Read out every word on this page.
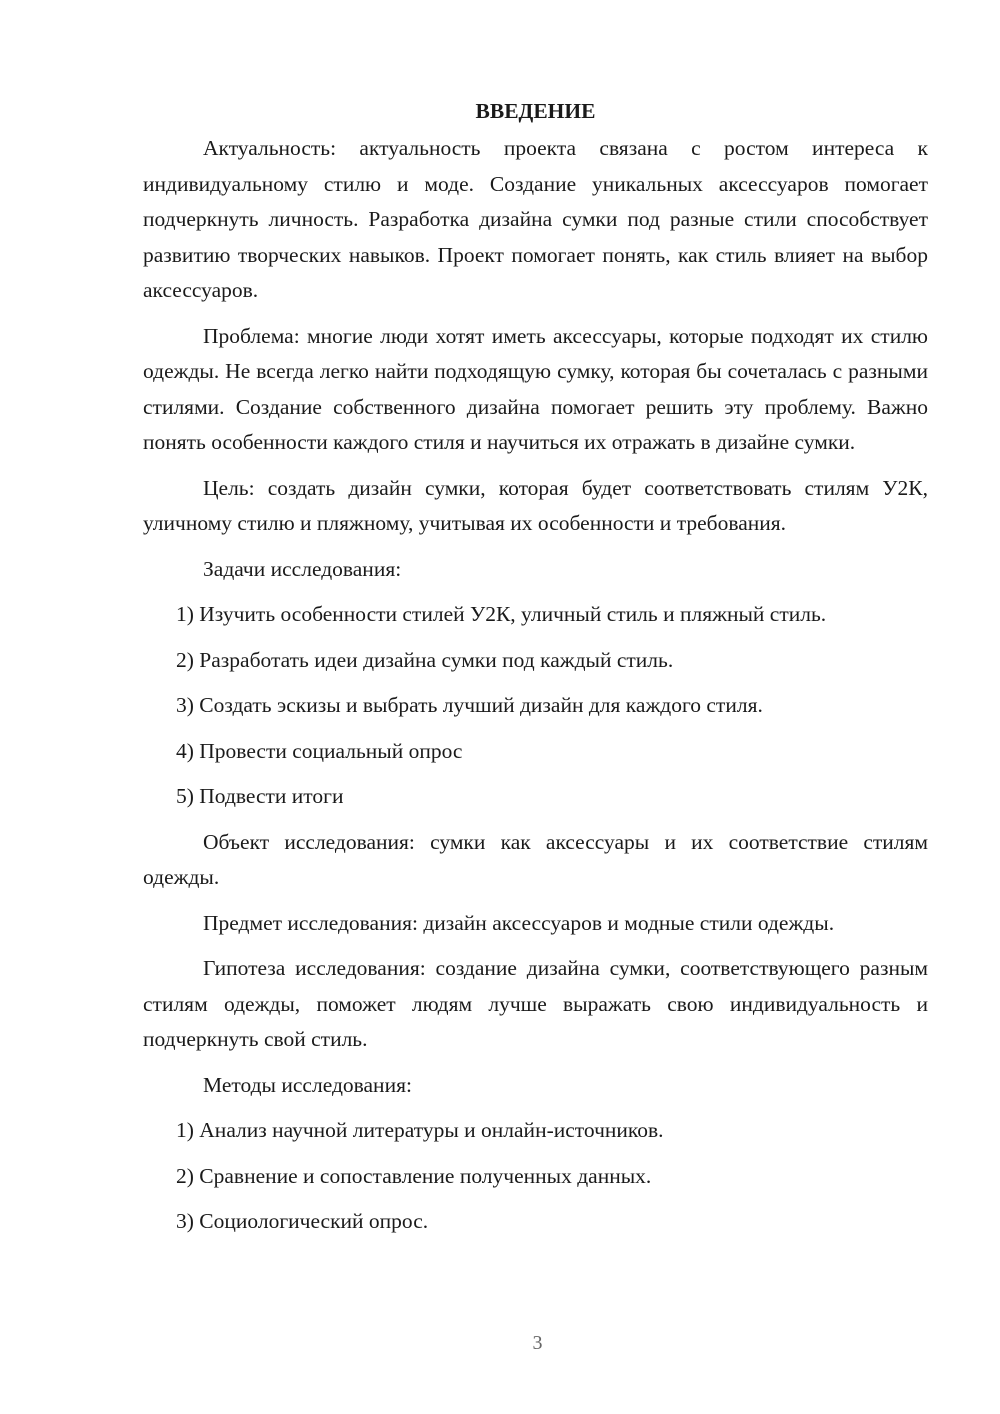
ВВЕДЕНИЕ

Актуальность: актуальность проекта связана с ростом интереса к индивидуальному стилю и моде. Создание уникальных аксессуаров помогает подчеркнуть личность. Разработка дизайна сумки под разные стили способствует развитию творческих навыков. Проект помогает понять, как стиль влияет на выбор аксессуаров.

Проблема: многие люди хотят иметь аксессуары, которые подходят их стилю одежды. Не всегда легко найти подходящую сумку, которая бы сочеталась с разными стилями. Создание собственного дизайна помогает решить эту проблему. Важно понять особенности каждого стиля и научиться их отражать в дизайне сумки.

Цель: создать дизайн сумки, которая будет соответствовать стилям У2К, уличному стилю и пляжному, учитывая их особенности и требования.

Задачи исследования:

1) Изучить особенности стилей У2К, уличный стиль и пляжный стиль.

2) Разработать идеи дизайна сумки под каждый стиль.

3) Создать эскизы и выбрать лучший дизайн для каждого стиля.

4) Провести социальный опрос

5) Подвести итоги

Объект исследования: сумки как аксессуары и их соответствие стилям одежды.

Предмет исследования: дизайн аксессуаров и модные стили одежды.

Гипотеза исследования: создание дизайна сумки, соответствующего разным стилям одежды, поможет людям лучше выражать свою индивидуальность и подчеркнуть свой стиль.

Методы исследования:

1) Анализ научной литературы и онлайн-источников.

2) Сравнение и сопоставление полученных данных.

3) Социологический опрос.

3
